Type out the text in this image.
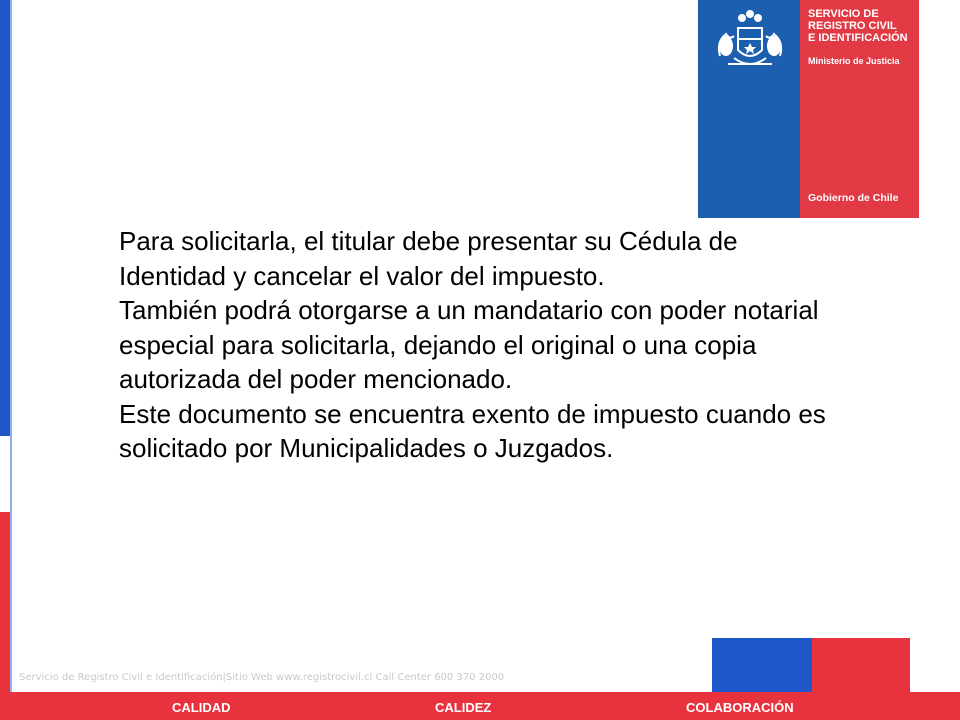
SERVICIO DE
REGISTRO CIVIL
E IDENTIFICACIÓN
Ministerio de Justicia
Gobierno de Chile

Para solicitarla, el titular debe presentar su Cédula de Identidad y cancelar el valor del impuesto.

También podrá otorgarse a un mandatario con poder notarial especial para solicitarla, dejando el original o una copia autorizada del poder mencionado.

Este documento se encuentra exento de impuesto cuando es solicitado por Municipalidades o Juzgados.

Servicio de Registro Civil e Identificación|Sitio Web www.registrocivil.cl Call Center 600 370 2000
CALIDAD	CALIDEZ	COLABORACIÓN
